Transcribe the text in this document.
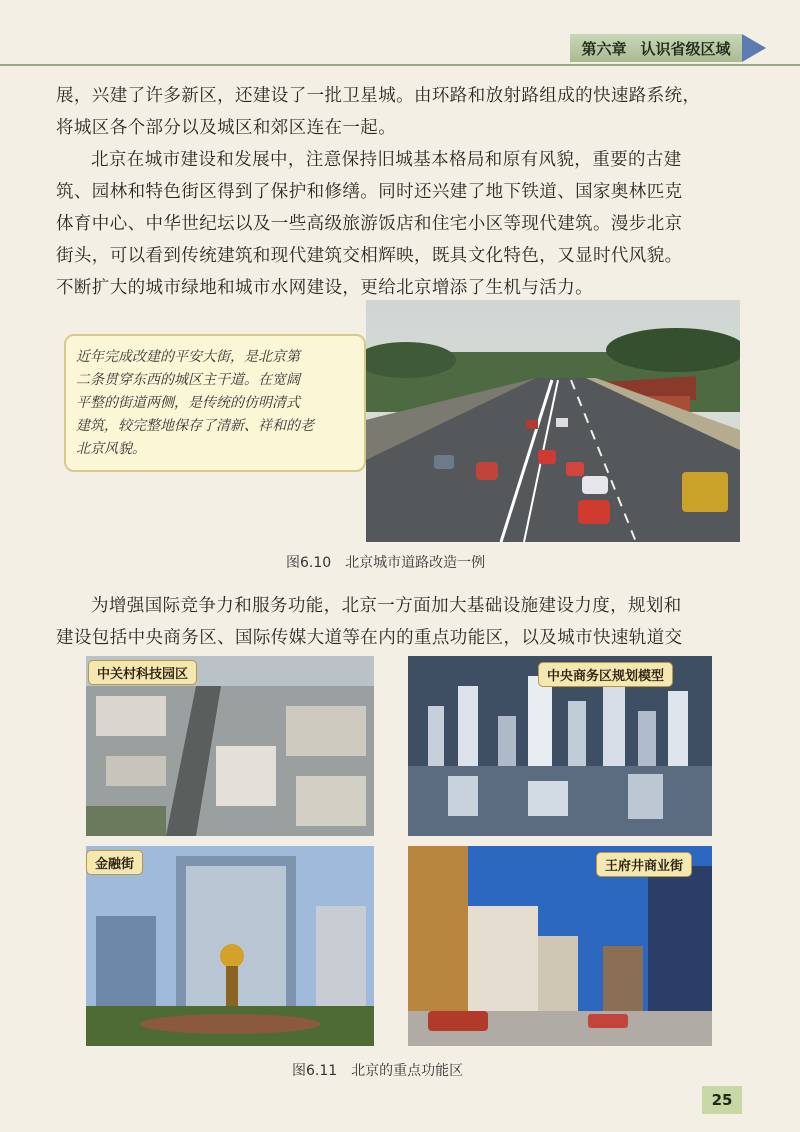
第六章 认识省级区域
展，兴建了许多新区，还建设了一批卫星城。由环路和放射路组成的快速路系统，
将城区各个部分以及城区和郊区连在一起。
北京在城市建设和发展中，注意保持旧城基本格局和原有风貌，重要的古建
筑、园林和特色街区得到了保护和修缮。同时还兴建了地下铁道、国家奥林匹克
体育中心、中华世纪坛以及一些高级旅游饭店和住宅小区等现代建筑。漫步北京
街头，可以看到传统建筑和现代建筑交相辉映，既具文化特色，又显时代风貌。
不断扩大的城市绿地和城市水网建设，更给北京增添了生机与活力。
近年完成改建的平安大街，是北京第
二条贯穿东西的城区主干道。在宽阔
平整的街道两侧，是传统的仿明清式
建筑，较完整地保存了清新、祥和的老
北京风貌。
图6.10　北京城市道路改造一例
为增强国际竞争力和服务功能，北京一方面加大基础设施建设力度，规划和
建设包括中央商务区、国际传媒大道等在内的重点功能区，以及城市快速轨道交
中关村科技园区	中央商务区规划模型
金融街	王府井商业街
图6.11　北京的重点功能区
25
